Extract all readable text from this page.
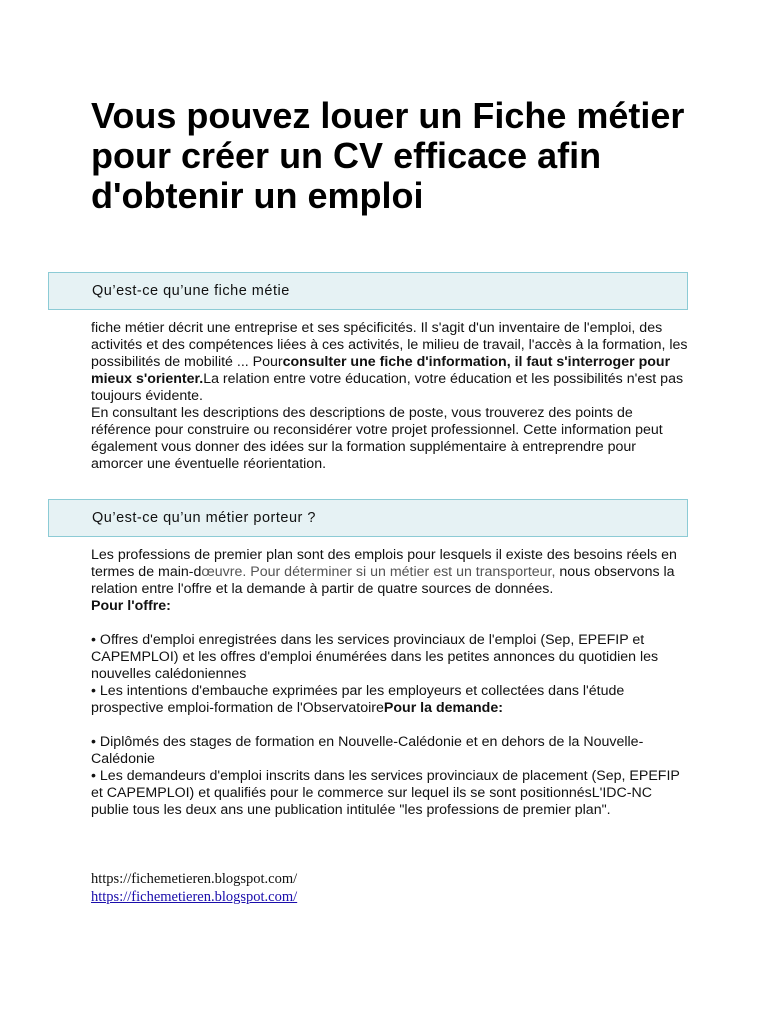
Vous pouvez louer un Fiche métier pour créer un CV efficace afin d'obtenir un emploi

Qu’est-ce qu’une fiche métie

fiche métier décrit une entreprise et ses spécificités. Il s'agit d'un inventaire de l'emploi, des activités et des compétences liées à ces activités, le milieu de travail, l'accès à la formation, les possibilités de mobilité ... Pourconsulter une fiche d'information, il faut s'interroger pour mieux s'orienter.La relation entre votre éducation, votre éducation et les possibilités n'est pas toujours évidente.
En consultant les descriptions des descriptions de poste, vous trouverez des points de référence pour construire ou reconsidérer votre projet professionnel. Cette information peut également vous donner des idées sur la formation supplémentaire à entreprendre pour amorcer une éventuelle réorientation.

Qu’est-ce qu’un métier porteur ?

Les professions de premier plan sont des emplois pour lesquels il existe des besoins réels en termes de main-dœuvre. Pour déterminer si un métier est un transporteur, nous observons la relation entre l'offre et la demande à partir de quatre sources de données.
Pour l'offre:
• Offres d'emploi enregistrées dans les services provinciaux de l'emploi (Sep, EPEFIP et CAPEMPLOI) et les offres d'emploi énumérées dans les petites annonces du quotidien les nouvelles calédoniennes
• Les intentions d'embauche exprimées par les employeurs et collectées dans l'étude prospective emploi-formation de l'ObservatoirePour la demande:
• Diplômés des stages de formation en Nouvelle-Calédonie et en dehors de la Nouvelle-Calédonie
• Les demandeurs d'emploi inscrits dans les services provinciaux de placement (Sep, EPEFIP et CAPEMPLOI) et qualifiés pour le commerce sur lequel ils se sont positionnésL'IDC-NC publie tous les deux ans une publication intitulée "les professions de premier plan".
https://fichemetieren.blogspot.com/
https://fichemetieren.blogspot.com/
